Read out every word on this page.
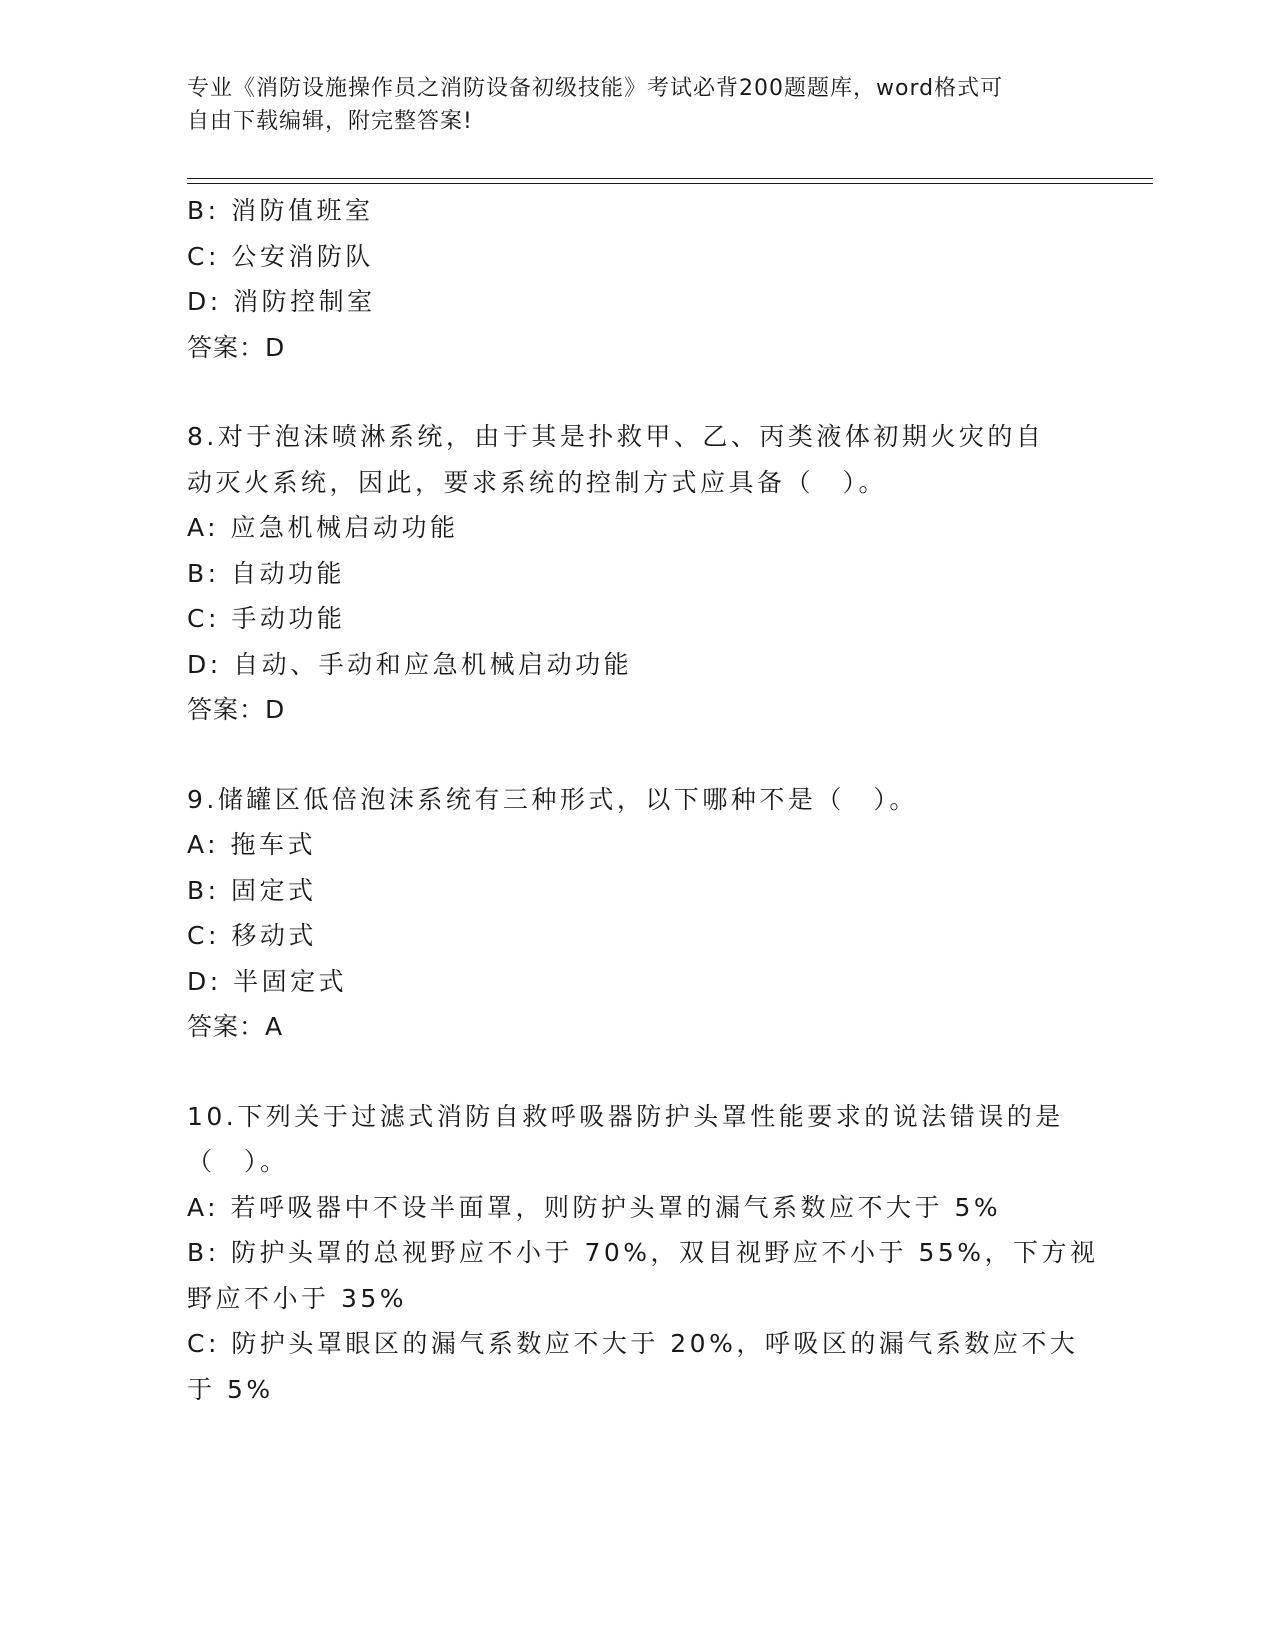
专业《消防设施操作员之消防设备初级技能》考试必背200题题库，word格式可
自由下载编辑，附完整答案!
B: 消防值班室
C: 公安消防队
D: 消防控制室
答案：D
8.对于泡沫喷淋系统，由于其是扑救甲、乙、丙类液体初期火灾的自
动灭火系统，因此，要求系统的控制方式应具备（　）。
A: 应急机械启动功能
B: 自动功能
C: 手动功能
D: 自动、手动和应急机械启动功能
答案：D
9.储罐区低倍泡沫系统有三种形式，以下哪种不是（　）。
A: 拖车式
B: 固定式
C: 移动式
D: 半固定式
答案：A
10.下列关于过滤式消防自救呼吸器防护头罩性能要求的说法错误的是
（　）。
A: 若呼吸器中不设半面罩，则防护头罩的漏气系数应不大于 5%
B: 防护头罩的总视野应不小于 70%，双目视野应不小于 55%，下方视
野应不小于 35%
C: 防护头罩眼区的漏气系数应不大于 20%，呼吸区的漏气系数应不大
于 5%
